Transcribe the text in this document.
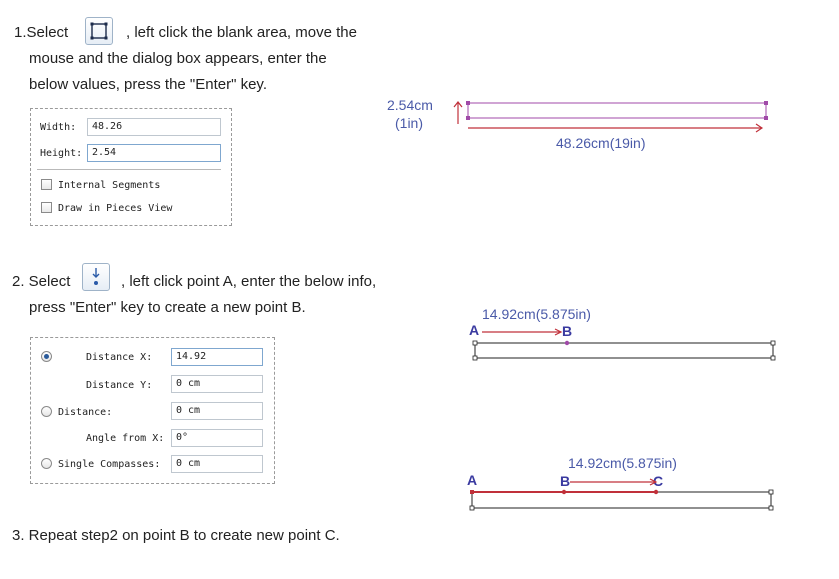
1.Select	, left click the blank area, move the
mouse and the dialog box appears, enter the
below values, press the "Enter" key.
Width:	48.26
Height: 2.54
Internal Segments
Draw in Pieces View
2.54cm
(1in)
48.26cm(19in)
2. Select	, left click point A, enter the below info,
press "Enter" key to create a new point B.
Distance X:	14.92
Distance Y:	0 cm
Distance:	0 cm
Angle from X:	0°
Single Compasses:	0 cm
14.92cm(5.875in)
A	B
14.92cm(5.875in)
A	B	C
3. Repeat step2 on point B to create new point C.
